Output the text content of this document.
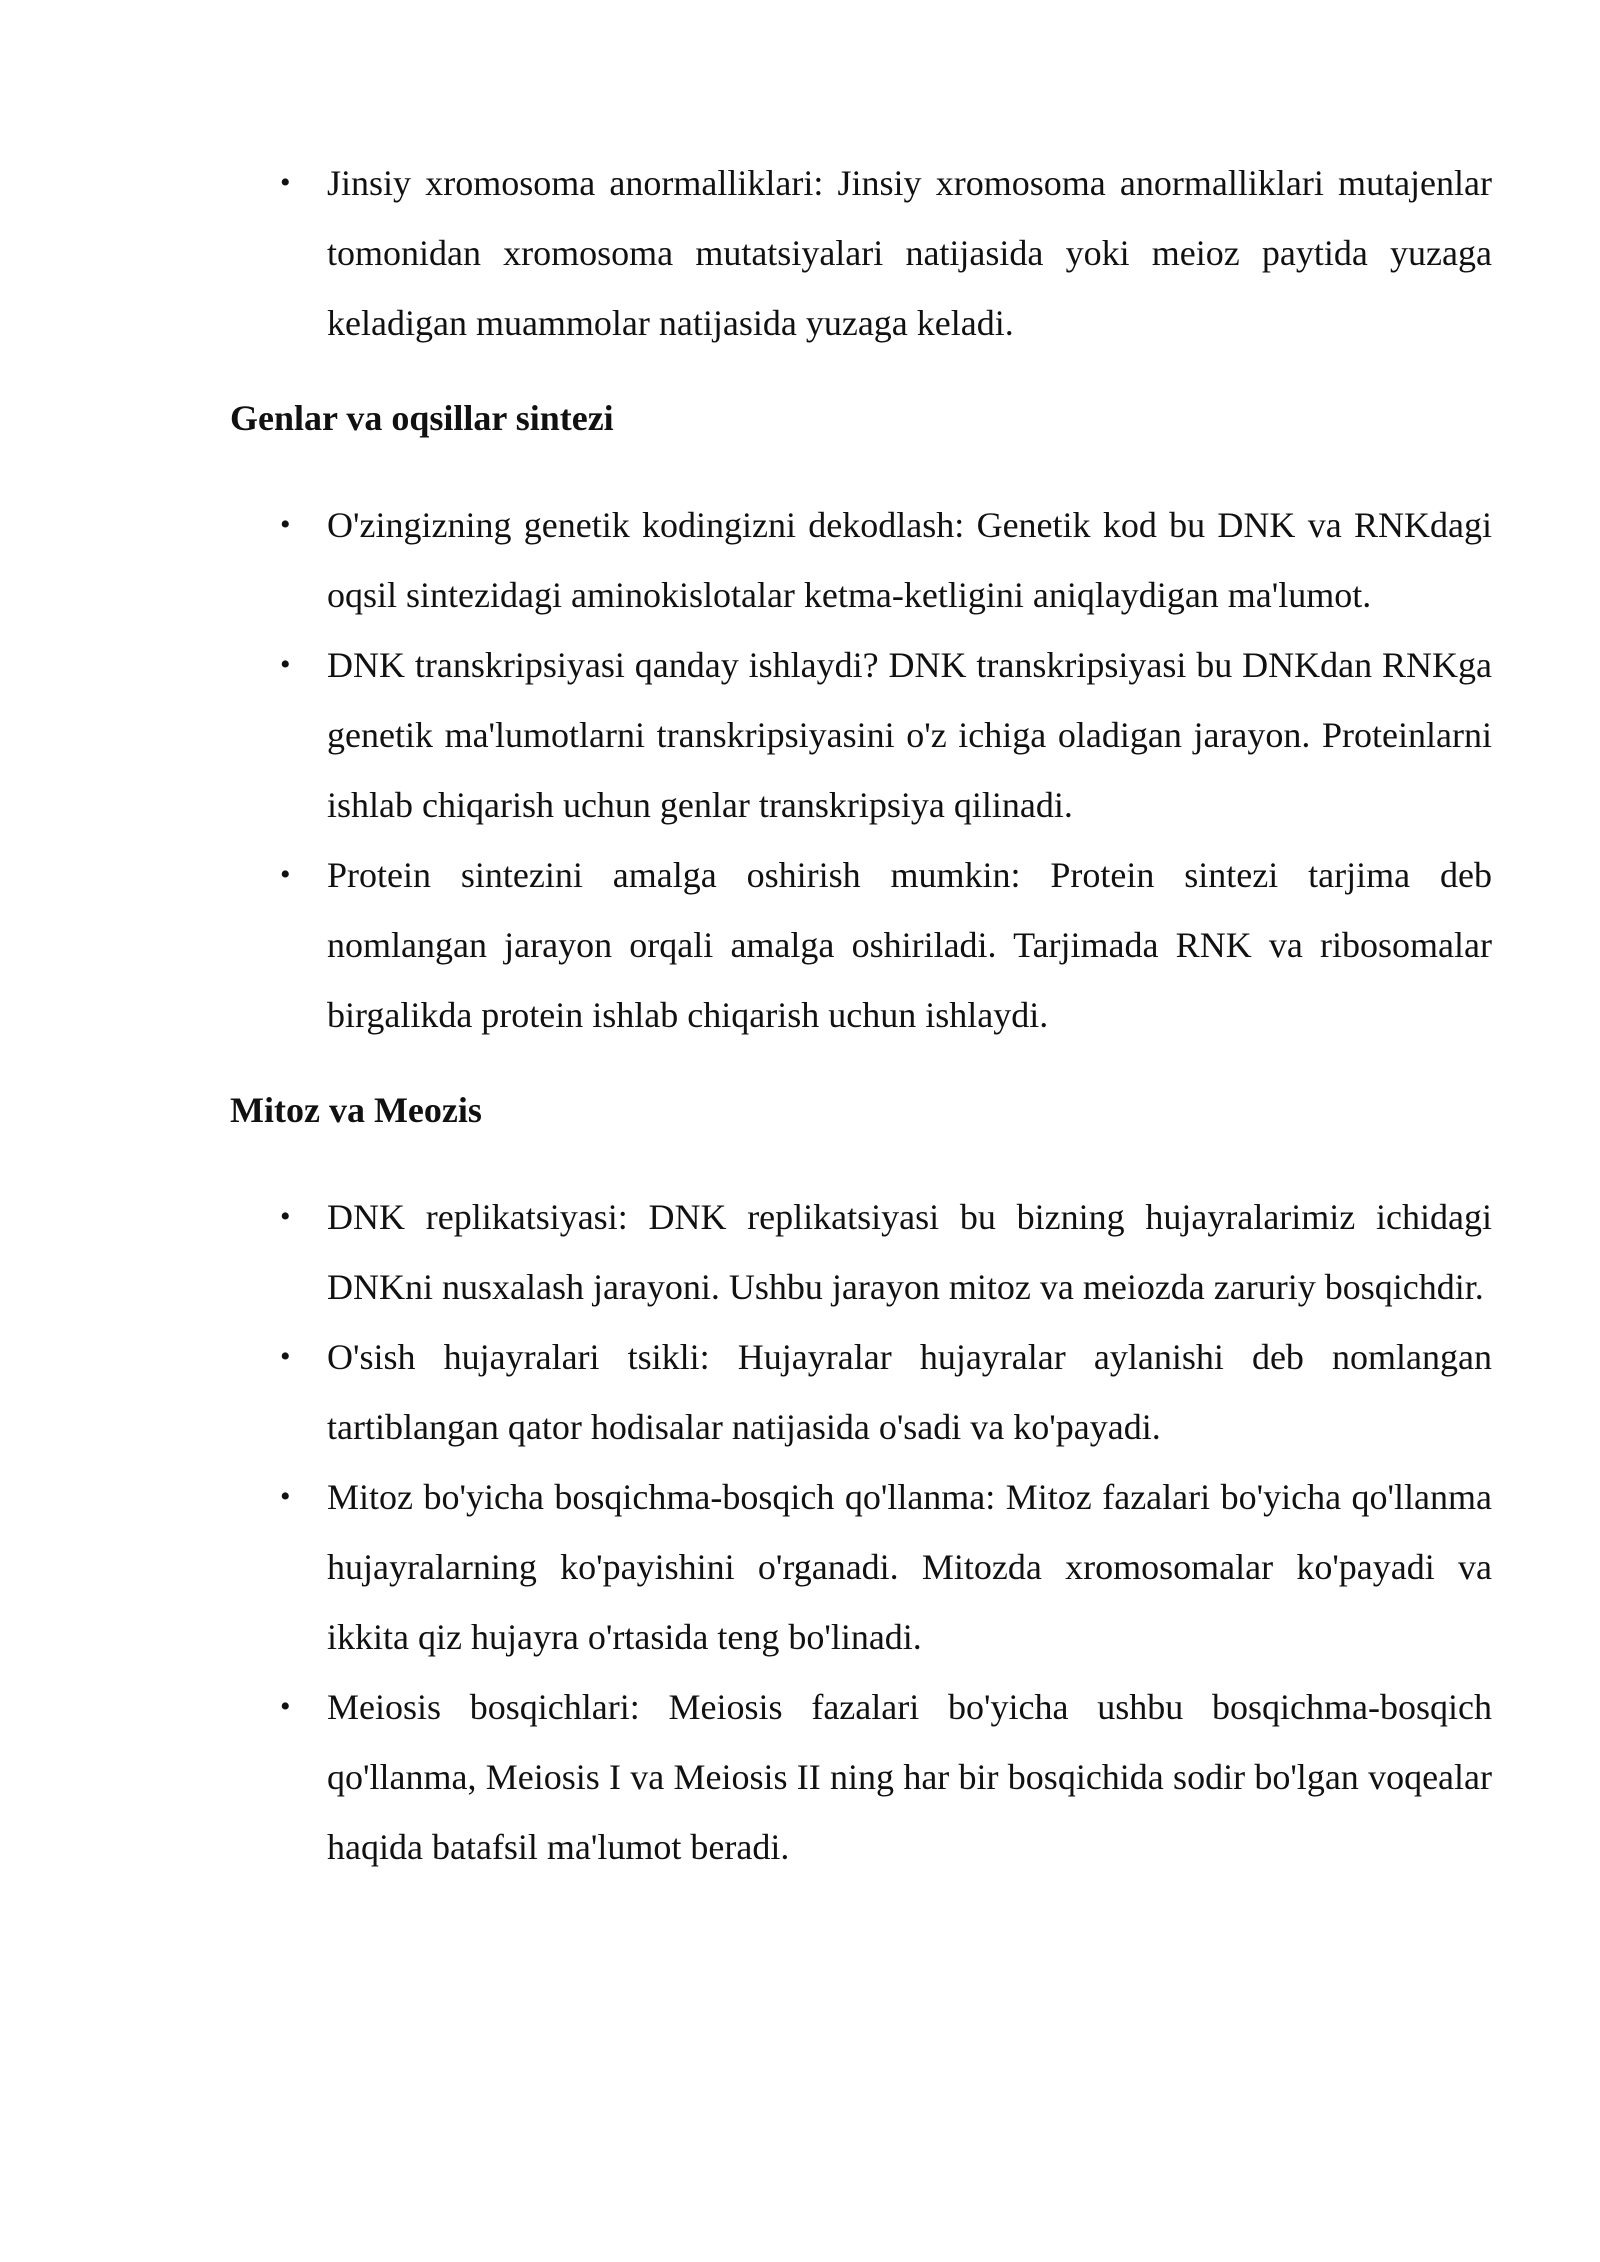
• Jinsiy xromosoma anormalliklari: Jinsiy xromosoma anormalliklari mutajenlar tomonidan xromosoma mutatsiyalari natijasida yoki meioz paytida yuzaga keladigan muammolar natijasida yuzaga keladi.
Genlar va oqsillar sintezi
• O'zingizning genetik kodingizni dekodlash: Genetik kod bu DNK va RNKdagi oqsil sintezidagi aminokislotalar ketma-ketligini aniqlaydigan ma'lumot.
• DNK transkripsiyasi qanday ishlaydi? DNK transkripsiyasi bu DNKdan RNKga genetik ma'lumotlarni transkripsiyasini o'z ichiga oladigan jarayon. Proteinlarni ishlab chiqarish uchun genlar transkripsiya qilinadi.
• Protein sintezini amalga oshirish mumkin: Protein sintezi tarjima deb nomlangan jarayon orqali amalga oshiriladi. Tarjimada RNK va ribosomalar birgalikda protein ishlab chiqarish uchun ishlaydi.
Mitoz va Meozis
• DNK replikatsiyasi: DNK replikatsiyasi bu bizning hujayralarimiz ichidagi DNKni nusxalash jarayoni. Ushbu jarayon mitoz va meiozda zaruriy bosqichdir.
• O'sish hujayralari tsikli: Hujayralar hujayralar aylanishi deb nomlangan tartiblangan qator hodisalar natijasida o'sadi va ko'payadi.
• Mitoz bo'yicha bosqichma-bosqich qo'llanma: Mitoz fazalari bo'yicha qo'llanma hujayralarning ko'payishini o'rganadi. Mitozda xromosomalar ko'payadi va ikkita qiz hujayra o'rtasida teng bo'linadi.
• Meiosis bosqichlari: Meiosis fazalari bo'yicha ushbu bosqichma-bosqich qo'llanma, Meiosis I va Meiosis II ning har bir bosqichida sodir bo'lgan voqealar haqida batafsil ma'lumot beradi.
